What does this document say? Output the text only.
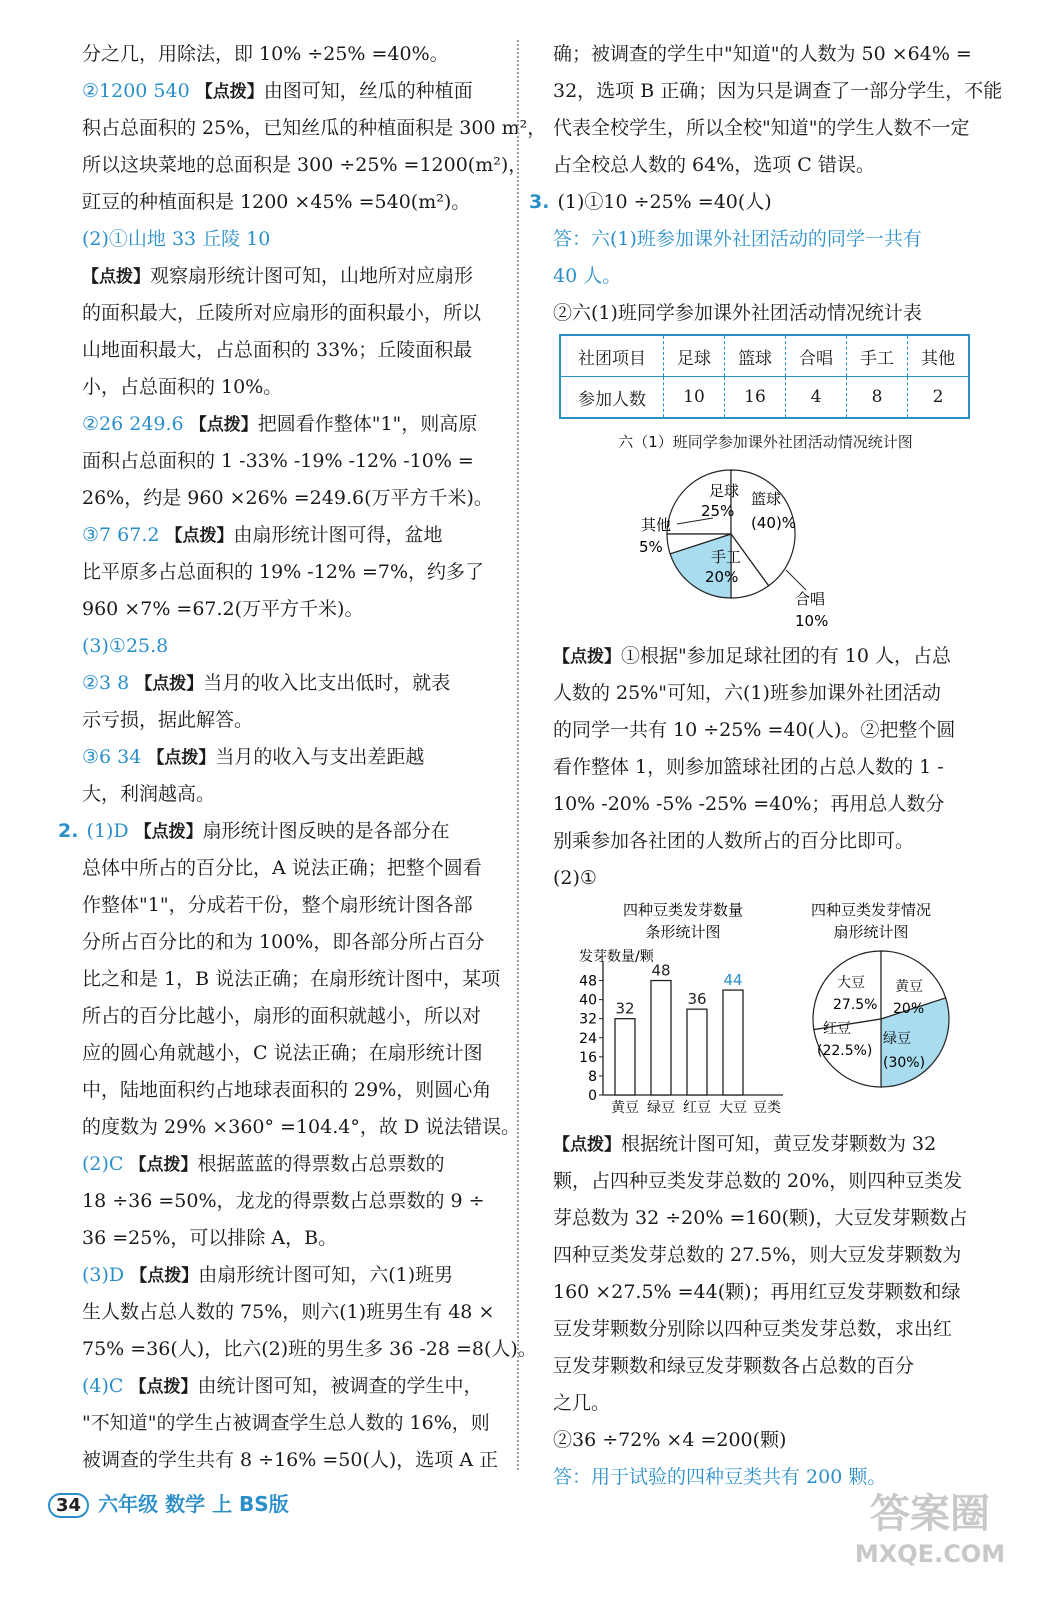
分之几，用除法，即 10% ÷25% =40%。
②1200 540 【点拨】由图可知，丝瓜的种植面
积占总面积的 25%，已知丝瓜的种植面积是 300 m²，
所以这块菜地的总面积是 300 ÷25% =1200(m²)，
豇豆的种植面积是 1200 ×45% =540(m²)。
(2)①山地 33 丘陵 10
【点拨】观察扇形统计图可知，山地所对应扇形
的面积最大，丘陵所对应扇形的面积最小，所以
山地面积最大，占总面积的 33%；丘陵面积最
小，占总面积的 10%。
②26 249.6 【点拨】把圆看作整体"1"，则高原
面积占总面积的 1 -33% -19% -12% -10% =
26%，约是 960 ×26% =249.6(万平方千米)。
③7 67.2 【点拨】由扇形统计图可得，盆地
比平原多占总面积的 19% -12% =7%，约多了
960 ×7% =67.2(万平方千米)。
(3)①25.8
②3 8 【点拨】当月的收入比支出低时，就表
示亏损，据此解答。
③6 34 【点拨】当月的收入与支出差距越
大，利润越高。
2. (1)D 【点拨】扇形统计图反映的是各部分在
总体中所占的百分比，A 说法正确；把整个圆看
作整体"1"，分成若干份，整个扇形统计图各部
分所占百分比的和为 100%，即各部分所占百分
比之和是 1，B 说法正确；在扇形统计图中，某项
所占的百分比越小，扇形的面积就越小，所以对
应的圆心角就越小，C 说法正确；在扇形统计图
中，陆地面积约占地球表面积的 29%，则圆心角
的度数为 29% ×360° =104.4°，故 D 说法错误。
(2)C 【点拨】根据蓝蓝的得票数占总票数的
18 ÷36 =50%，龙龙的得票数占总票数的 9 ÷
36 =25%，可以排除 A，B。
(3)D 【点拨】由扇形统计图可知，六(1)班男
生人数占总人数的 75%，则六(1)班男生有 48 ×
75% =36(人)，比六(2)班的男生多 36 -28 =8(人)。
(4)C 【点拨】由统计图可知，被调查的学生中，
"不知道"的学生占被调查学生总人数的 16%，则
被调查的学生共有 8 ÷16% =50(人)，选项 A 正
确；被调查的学生中"知道"的人数为 50 ×64% =
32，选项 B 正确；因为只是调查了一部分学生，不能
代表全校学生，所以全校"知道"的学生人数不一定
占全校总人数的 64%，选项 C 错误。
3. (1)①10 ÷25% =40(人)
答：六(1)班参加课外社团活动的同学一共有
40 人。
②六(1)班同学参加课外社团活动情况统计表
社团项目	足球	篮球	合唱	手工	其他
参加人数	10	16	4	8	2
六（1）班同学参加课外社团活动情况统计图
足球
25%
篮球
(40)%
手工
20%
其他
5%
合唱
10%
【点拨】①根据"参加足球社团的有 10 人，占总
人数的 25%"可知，六(1)班参加课外社团活动
的同学一共有 10 ÷25% =40(人)。②把整个圆
看作整体 1，则参加篮球社团的占总人数的 1 -
10% -20% -5% -25% =40%；再用总人数分
别乘参加各社团的人数所占的百分比即可。
(2)①
四种豆类发芽数量
条形统计图
发芽数量/颗
0
8
16
24
32
40
48
32
黄豆
48
绿豆
36
红豆
44
大豆 豆类
四种豆类发芽情况
扇形统计图
大豆
27.5%
黄豆
20%
红豆
(22.5%)
绿豆
(30%)
【点拨】根据统计图可知，黄豆发芽颗数为 32
颗，占四种豆类发芽总数的 20%，则四种豆类发
芽总数为 32 ÷20% =160(颗)，大豆发芽颗数占
四种豆类发芽总数的 27.5%，则大豆发芽颗数为
160 ×27.5% =44(颗)；再用红豆发芽颗数和绿
豆发芽颗数分别除以四种豆类发芽总数，求出红
豆发芽颗数和绿豆发芽颗数各占总数的百分
之几。
②36 ÷72% ×4 =200(颗)
答：用于试验的四种豆类共有 200 颗。
34 六年级 数学 上 BS版	答案圈
MXQE.COM
